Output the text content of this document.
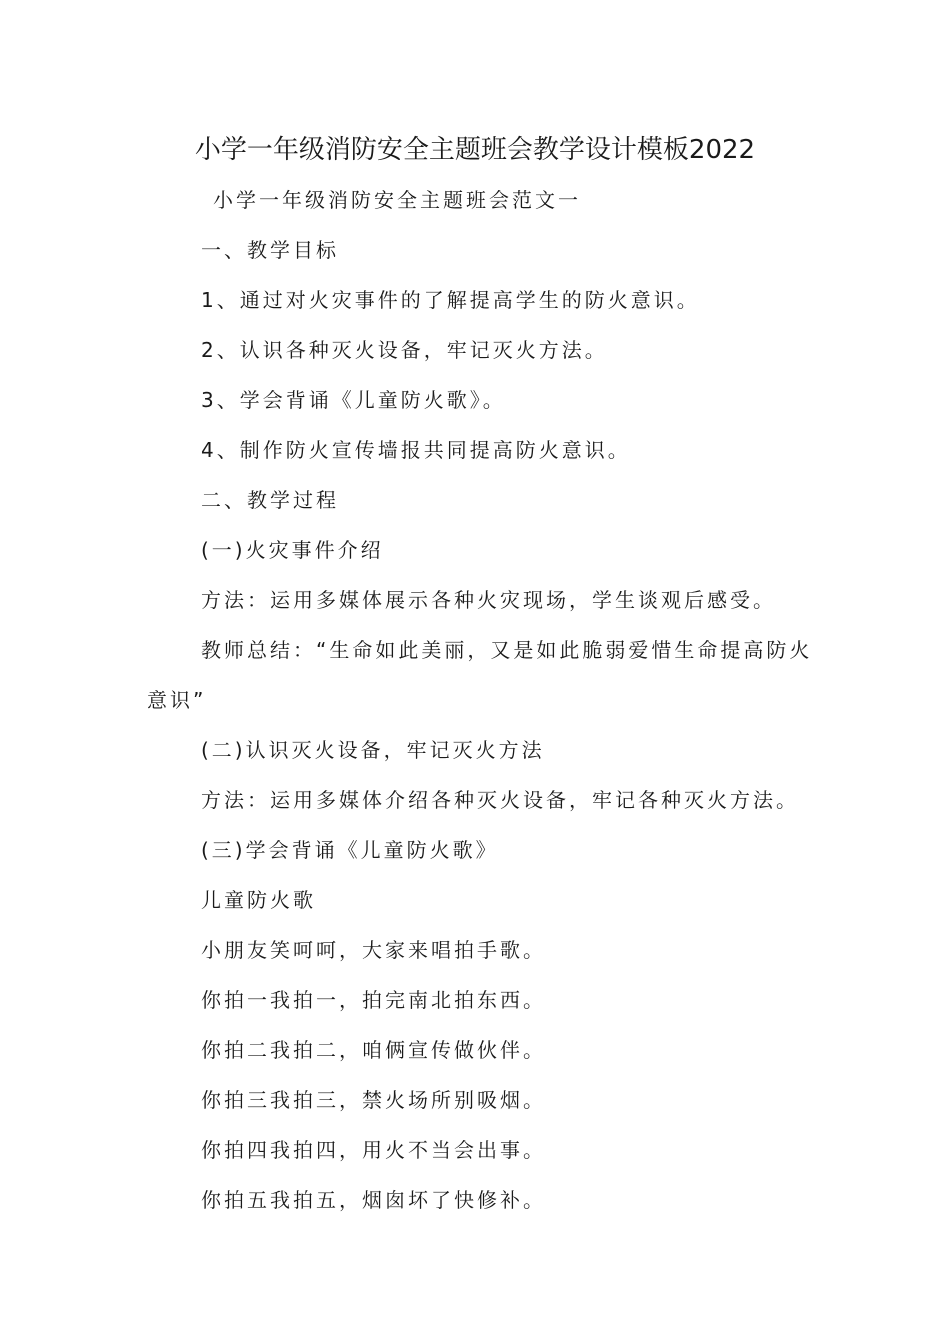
小学一年级消防安全主题班会教学设计模板2022

小学一年级消防安全主题班会范文一

一、教学目标

1、通过对火灾事件的了解提高学生的防火意识。

2、认识各种灭火设备，牢记灭火方法。

3、学会背诵《儿童防火歌》。

4、制作防火宣传墙报共同提高防火意识。

二、教学过程

(一)火灾事件介绍

方法：运用多媒体展示各种火灾现场，学生谈观后感受。

教师总结：“生命如此美丽，又是如此脆弱爱惜生命提高防火

意识”

(二)认识灭火设备，牢记灭火方法

方法：运用多媒体介绍各种灭火设备，牢记各种灭火方法。

(三)学会背诵《儿童防火歌》

儿童防火歌

小朋友笑呵呵，大家来唱拍手歌。

你拍一我拍一，拍完南北拍东西。

你拍二我拍二，咱俩宣传做伙伴。

你拍三我拍三，禁火场所别吸烟。

你拍四我拍四，用火不当会出事。

你拍五我拍五，烟囱坏了快修补。
